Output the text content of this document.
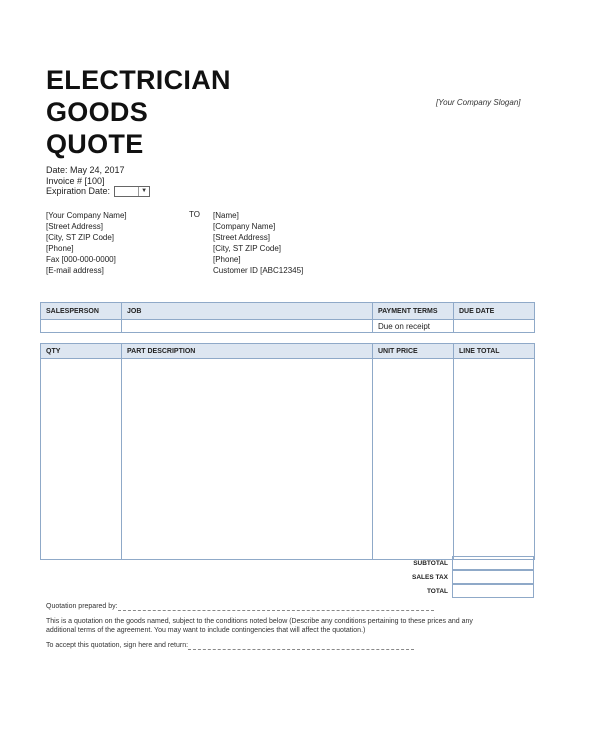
ELECTRICIAN
GOODS
QUOTE
[Your Company Slogan]
Date: May 24, 2017
Invoice # [100]
Expiration Date:	▼
[Your Company Name]
[Street Address]
[City, ST ZIP Code]
[Phone]
Fax [000-000-0000]
[E-mail address]
TO [Name]
[Company Name]
[Street Address]
[City, ST ZIP Code]
[Phone]
Customer ID [ABC12345]
SALESPERSON	JOB	PAYMENT TERMS	DUE DATE
		Due on receipt	
QTY	PART DESCRIPTION	UNIT PRICE	LINE TOTAL

SUBTOTAL
SALES TAX
TOTAL

Quotation prepared by:

This is a quotation on the goods named, subject to the conditions noted below (Describe any conditions pertaining to these prices and any additional terms of the agreement. You may want to include contingencies that will affect the quotation.)

To accept this quotation, sign here and return:
